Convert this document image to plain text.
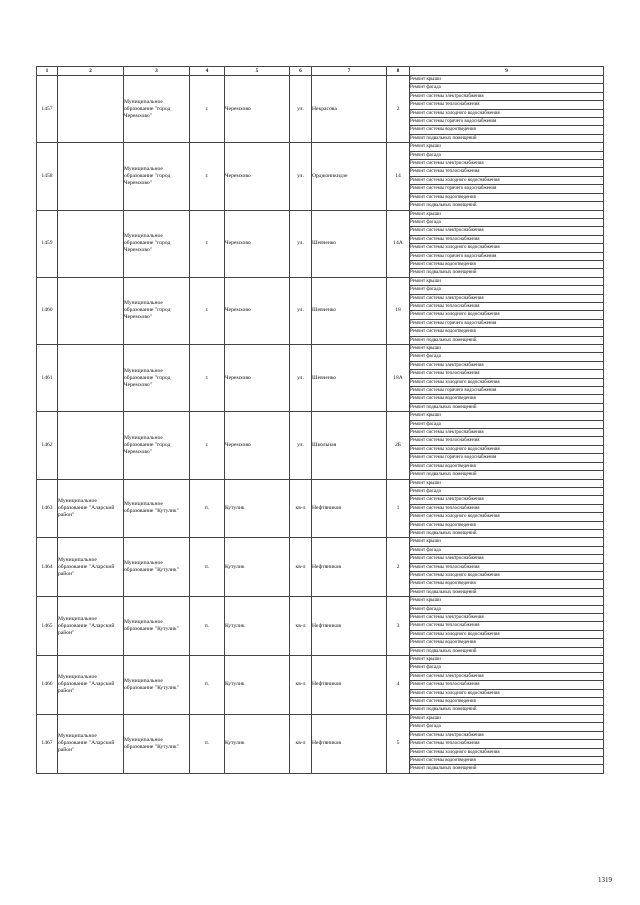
1	2	3	4	5	6	7	8	9
1457		Муниципальное образование "город Черемхово"	г.	Черемхово	ул.	Некрасова	2	Ремонт крыши
								Ремонт фасада
								Ремонт системы электроснабжения
								Ремонт системы теплоснабжения
								Ремонт системы холодного водоснабжения
								Ремонт системы горячего водоснабжения
								Ремонт системы водоотведения
								Ремонт подвальных помещений
1458		Муниципальное образование "город Черемхово"	г.	Черемхово	ул.	Орджоникидзе	14	Ремонт крыши
								Ремонт фасада
								Ремонт системы электроснабжения
								Ремонт системы теплоснабжения
								Ремонт системы холодного водоснабжения
								Ремонт системы горячего водоснабжения
								Ремонт системы водоотведения
								Ремонт подвальных помещений
1459		Муниципальное образование "город Черемхово"	г.	Черемхово	ул.	Шевченко	14А	Ремонт крыши
								Ремонт фасада
								Ремонт системы электроснабжения
								Ремонт системы теплоснабжения
								Ремонт системы холодного водоснабжения
								Ремонт системы горячего водоснабжения
								Ремонт системы водоотведения
								Ремонт подвальных помещений
1460		Муниципальное образование "город Черемхово"	г.	Черемхово	ул.	Шевченко	18	Ремонт крыши
								Ремонт фасада
								Ремонт системы электроснабжения
								Ремонт системы теплоснабжения
								Ремонт системы холодного водоснабжения
								Ремонт системы горячего водоснабжения
								Ремонт системы водоотведения
								Ремонт подвальных помещений
1461		Муниципальное образование "город Черемхово"	г.	Черемхово	ул.	Шевченко	18А	Ремонт крыши
								Ремонт фасада
								Ремонт системы электроснабжения
								Ремонт системы теплоснабжения
								Ремонт системы холодного водоснабжения
								Ремонт системы горячего водоснабжения
								Ремонт системы водоотведения
								Ремонт подвальных помещений
1462		Муниципальное образование "город Черемхово"	г.	Черемхово	ул.	Школьная	2Б	Ремонт крыши
								Ремонт фасада
								Ремонт системы электроснабжения
								Ремонт системы теплоснабжения
								Ремонт системы холодного водоснабжения
								Ремонт системы горячего водоснабжения
								Ремонт системы водоотведения
								Ремонт подвальных помещений
1463	Муниципальное образование "Аларский район"	Муниципальное образование "Кутулик"	п.	Кутулик	кв-л	Нефтяников	1	Ремонт крыши
								Ремонт фасада
								Ремонт системы электроснабжения
								Ремонт системы теплоснабжения
								Ремонт системы холодного водоснабжения
								Ремонт системы водоотведения
								Ремонт подвальных помещений
1464	Муниципальное образование "Аларский район"	Муниципальное образование "Кутулик"	п.	Кутулик	кв-л	Нефтяников	2	Ремонт крыши
								Ремонт фасада
								Ремонт системы электроснабжения
								Ремонт системы теплоснабжения
								Ремонт системы холодного водоснабжения
								Ремонт системы водоотведения
								Ремонт подвальных помещений
1465	Муниципальное образование "Аларский район"	Муниципальное образование "Кутулик"	п.	Кутулик	кв-л	Нефтяников	3	Ремонт крыши
								Ремонт фасада
								Ремонт системы электроснабжения
								Ремонт системы теплоснабжения
								Ремонт системы холодного водоснабжения
								Ремонт системы водоотведения
								Ремонт подвальных помещений
1466	Муниципальное образование "Аларский район"	Муниципальное образование "Кутулик"	п.	Кутулик	кв-л	Нефтяников	4	Ремонт крыши
								Ремонт фасада
								Ремонт системы электроснабжения
								Ремонт системы теплоснабжения
								Ремонт системы холодного водоснабжения
								Ремонт системы водоотведения
								Ремонт подвальных помещений
1467	Муниципальное образование "Аларский район"	Муниципальное образование "Кутулик"	п.	Кутулик	кв-л	Нефтяников	5	Ремонт крыши
								Ремонт фасада
								Ремонт системы электроснабжения
								Ремонт системы теплоснабжения
								Ремонт системы холодного водоснабжения
								Ремонт системы водоотведения
								Ремонт подвальных помещений
1319
